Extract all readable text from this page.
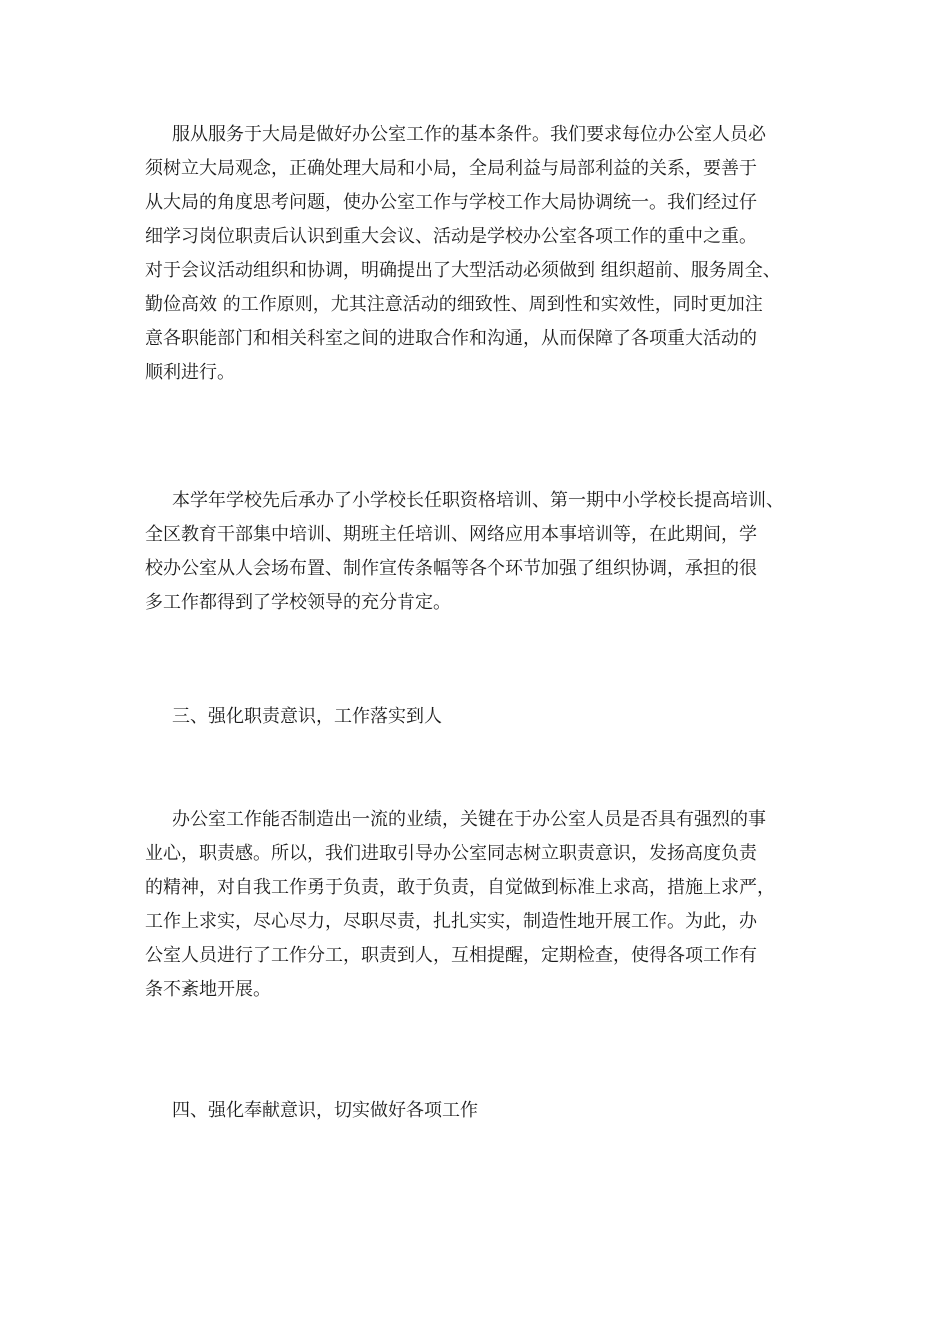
服从服务于大局是做好办公室工作的基本条件。我们要求每位办公室人员必
须树立大局观念，正确处理大局和小局，全局利益与局部利益的关系，要善于
从大局的角度思考问题，使办公室工作与学校工作大局协调统一。我们经过仔
细学习岗位职责后认识到重大会议、活动是学校办公室各项工作的重中之重。
对于会议活动组织和协调，明确提出了大型活动必须做到 组织超前、服务周全、
勤俭高效 的工作原则，尤其注意活动的细致性、周到性和实效性，同时更加注
意各职能部门和相关科室之间的进取合作和沟通，从而保障了各项重大活动的
顺利进行。
本学年学校先后承办了小学校长任职资格培训、第一期中小学校长提高培训、
全区教育干部集中培训、期班主任培训、网络应用本事培训等，在此期间，学
校办公室从人会场布置、制作宣传条幅等各个环节加强了组织协调，承担的很
多工作都得到了学校领导的充分肯定。
三、强化职责意识，工作落实到人
办公室工作能否制造出一流的业绩，关键在于办公室人员是否具有强烈的事
业心，职责感。所以，我们进取引导办公室同志树立职责意识，发扬高度负责
的精神，对自我工作勇于负责，敢于负责，自觉做到标准上求高，措施上求严，
工作上求实，尽心尽力，尽职尽责，扎扎实实，制造性地开展工作。为此，办
公室人员进行了工作分工，职责到人，互相提醒，定期检查，使得各项工作有
条不紊地开展。
四、强化奉献意识，切实做好各项工作
